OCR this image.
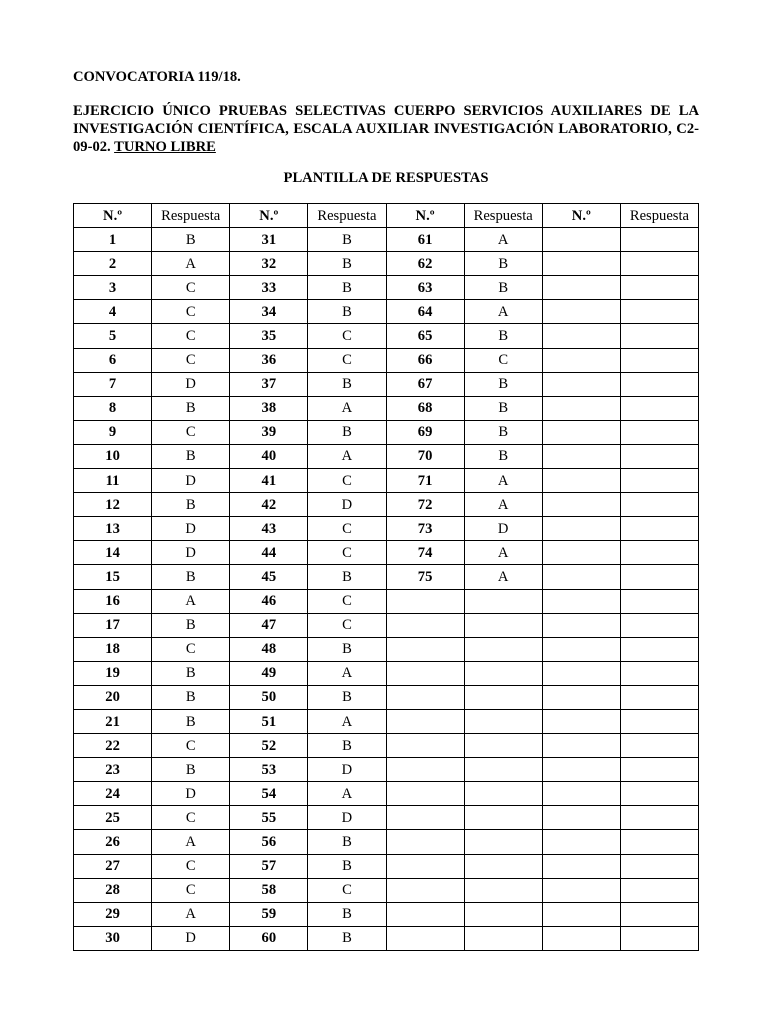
CONVOCATORIA 119/18.

EJERCICIO ÚNICO PRUEBAS SELECTIVAS CUERPO SERVICIOS AUXILIARES DE LA INVESTIGACIÓN CIENTÍFICA, ESCALA AUXILIAR INVESTIGACIÓN LABORATORIO, C2-09-02. TURNO LIBRE

PLANTILLA DE RESPUESTAS

N.º	Respuesta	N.º	Respuesta	N.º	Respuesta	N.º	Respuesta
1	B	31	B	61	A		
2	A	32	B	62	B		
3	C	33	B	63	B		
4	C	34	B	64	A		
5	C	35	C	65	B		
6	C	36	C	66	C		
7	D	37	B	67	B		
8	B	38	A	68	B		
9	C	39	B	69	B		
10	B	40	A	70	B		
11	D	41	C	71	A		
12	B	42	D	72	A		
13	D	43	C	73	D		
14	D	44	C	74	A		
15	B	45	B	75	A		
16	A	46	C				
17	B	47	C				
18	C	48	B				
19	B	49	A				
20	B	50	B				
21	B	51	A				
22	C	52	B				
23	B	53	D				
24	D	54	A				
25	C	55	D				
26	A	56	B				
27	C	57	B				
28	C	58	C				
29	A	59	B				
30	D	60	B				
